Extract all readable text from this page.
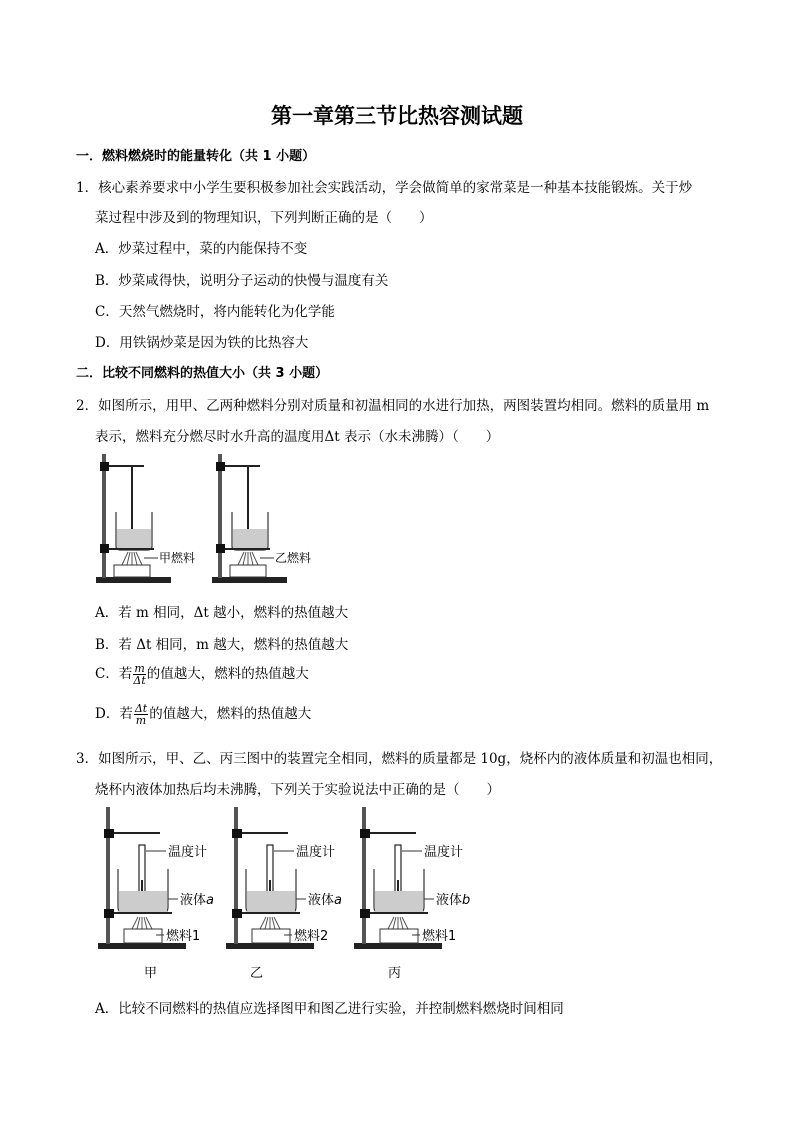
第一章第三节比热容测试题
一．燃料燃烧时的能量转化（共 1 小题）
1．核心素养要求中小学生要积极参加社会实践活动，学会做简单的家常菜是一种基本技能锻炼。关于炒
菜过程中涉及到的物理知识，下列判断正确的是（　　）
A．炒菜过程中，菜的内能保持不变
B．炒菜咸得快，说明分子运动的快慢与温度有关
C．天然气燃烧时，将内能转化为化学能
D．用铁锅炒菜是因为铁的比热容大
二．比较不同燃料的热值大小（共 3 小题）
2．如图所示，用甲、乙两种燃料分别对质量和初温相同的水进行加热，两图装置均相同。燃料的质量用 m
表示，燃料充分燃尽时水升高的温度用Δt 表示（水未沸腾）（　　）
甲燃料	乙燃料
A．若 m 相同，Δt 越小，燃料的热值越大
B．若 Δt 相同，m 越大，燃料的热值越大
C．若 $\frac{m}{\Delta t}$ 的值越大，燃料的热值越大
D．若 $\frac{\Delta t}{m}$ 的值越大，燃料的热值越大
3．如图所示，甲、乙、丙三图中的装置完全相同，燃料的质量都是 10g，烧杯内的液体质量和初温也相同，
烧杯内液体加热后均未沸腾，下列关于实验说法中正确的是（　　）
温度计
液体a
燃料1
甲
温度计
液体a
燃料2
乙
温度计
液体b
燃料1
丙
A．比较不同燃料的热值应选择图甲和图乙进行实验，并控制燃料燃烧时间相同
